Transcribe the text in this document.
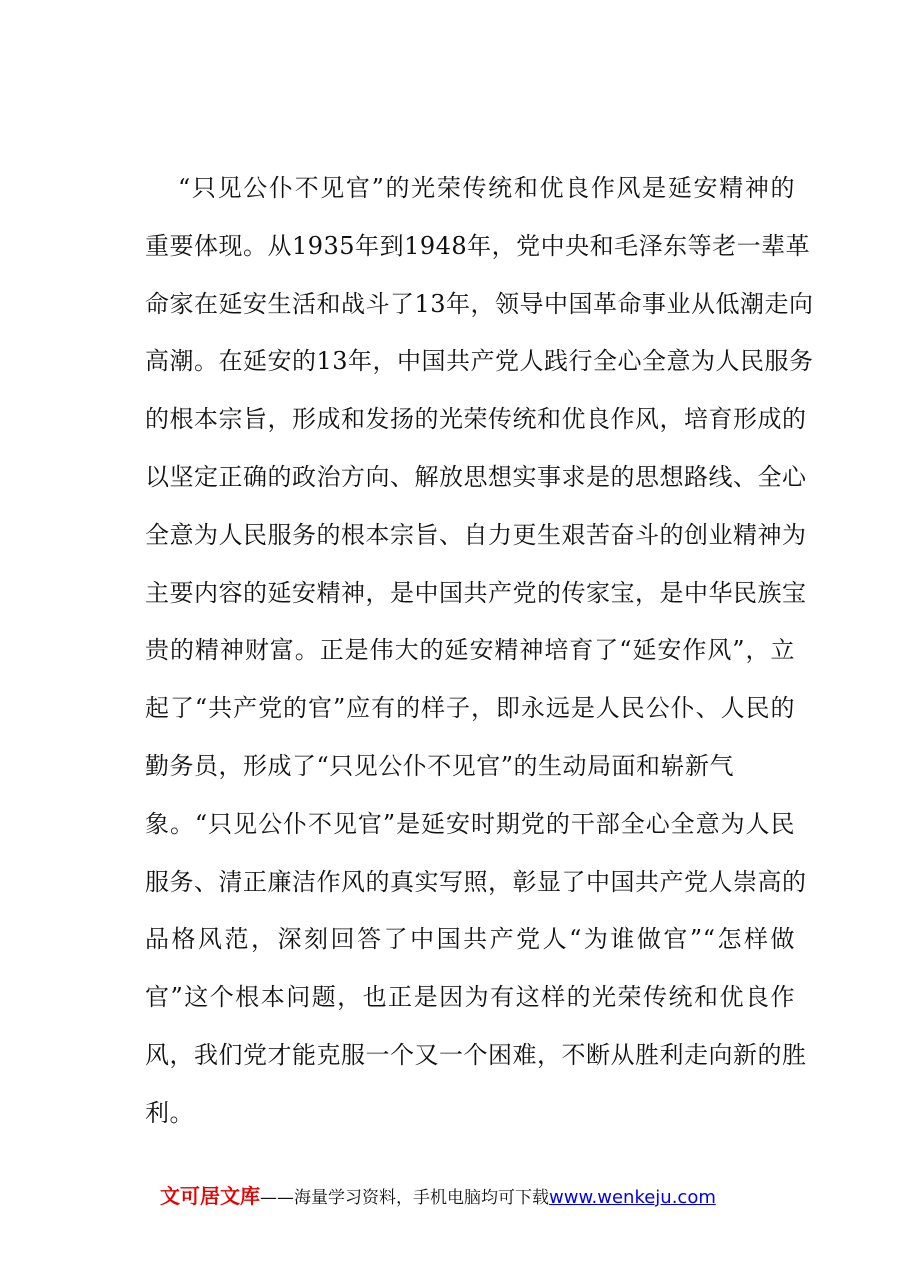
“只见公仆不见官”的光荣传统和优良作风是延安精神的
重要体现。从1935年到1948年，党中央和毛泽东等老一辈革
命家在延安生活和战斗了13年，领导中国革命事业从低潮走向
高潮。在延安的13年，中国共产党人践行全心全意为人民服务
的根本宗旨，形成和发扬的光荣传统和优良作风，培育形成的
以坚定正确的政治方向、解放思想实事求是的思想路线、全心
全意为人民服务的根本宗旨、自力更生艰苦奋斗的创业精神为
主要内容的延安精神，是中国共产党的传家宝，是中华民族宝
贵的精神财富。正是伟大的延安精神培育了“延安作风”，立
起了“共产党的官”应有的样子，即永远是人民公仆、人民的
勤务员，形成了“只见公仆不见官”的生动局面和崭新气
象。“只见公仆不见官”是延安时期党的干部全心全意为人民
服务、清正廉洁作风的真实写照，彰显了中国共产党人崇高的
品格风范，深刻回答了中国共产党人“为谁做官”“怎样做
官”这个根本问题，也正是因为有这样的光荣传统和优良作
风，我们党才能克服一个又一个困难，不断从胜利走向新的胜
利。
文可居文库——海量学习资料，手机电脑均可下载www.wenkeju.com
